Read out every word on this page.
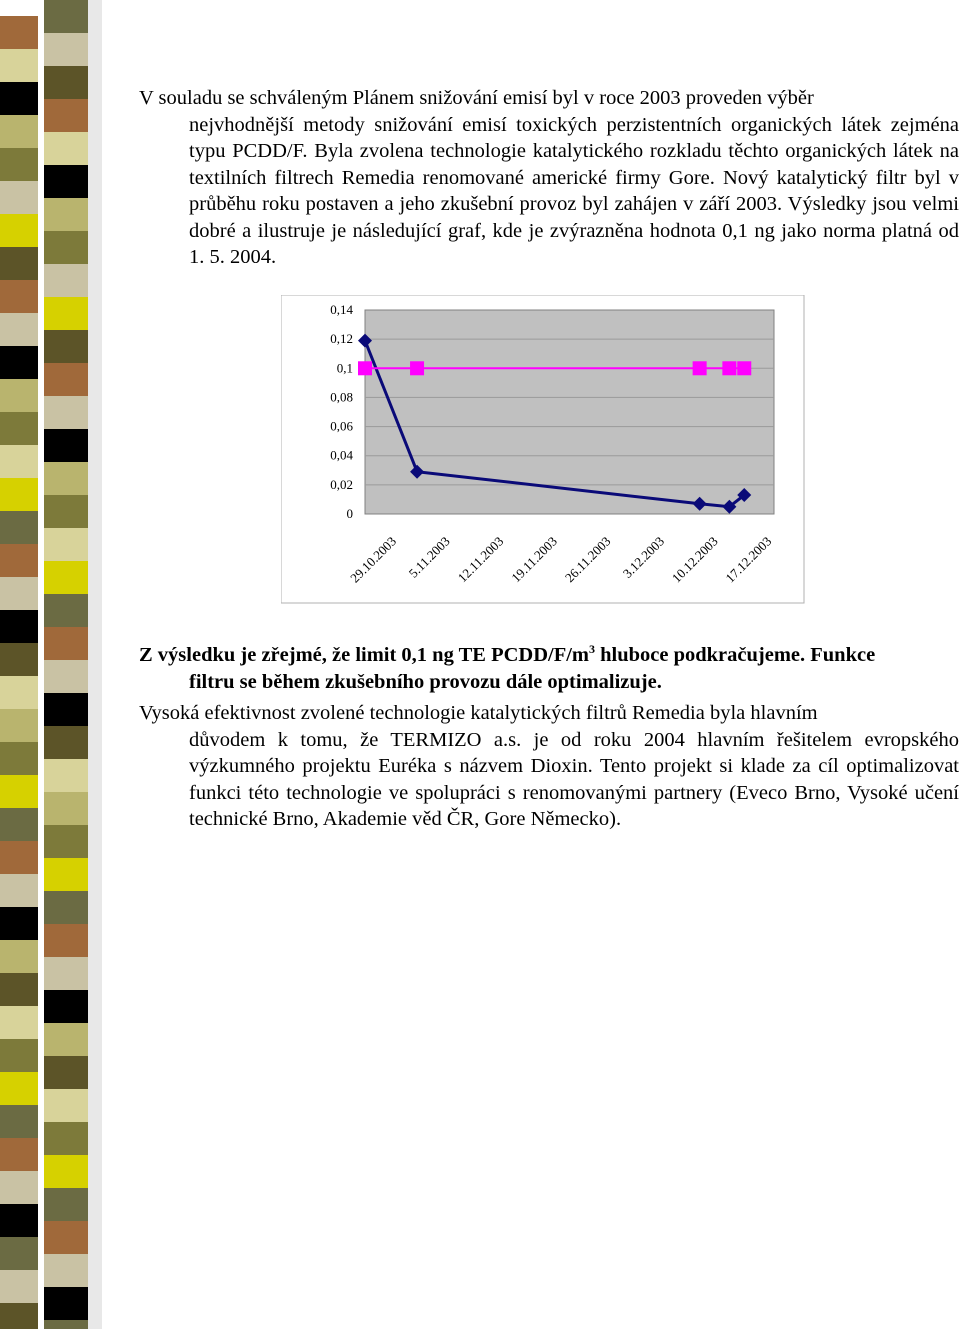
V souladu se schváleným Plánem snižování emisí byl v roce 2003 proveden výběr
nejvhodnější metody snižování emisí toxických perzistentních organických látek zejména typu PCDD/F. Byla zvolena technologie katalytického rozkladu těchto organických látek na textilních filtrech Remedia renomované americké firmy Gore. Nový katalytický filtr byl v průběhu roku postaven a jeho zkušební provoz byl zahájen v září 2003. Výsledky jsou velmi dobré a ilustruje je následující graf, kde je zvýrazněna hodnota 0,1 ng jako norma platná od 1. 5. 2004.
0,14
0,12
0,1
0,08
0,06
0,04
0,02
0
29.10.2003 5.11.2003 12.11.2003 19.11.2003 26.11.2003 3.12.2003 10.12.2003 17.12.2003
Z výsledku je zřejmé, že limit 0,1 ng TE PCDD/$F/m^3$ hluboce podkračujeme. Funkce
filtru se během zkušebního provozu dále optimalizuje.
Vysoká efektivnost zvolené technologie katalytických filtrů Remedia byla hlavním
důvodem k tomu, že TERMIZO a.s. je od roku 2004 hlavním řešitelem evropského výzkumného projektu Euréka s názvem Dioxin. Tento projekt si klade za cíl optimalizovat funkci této technologie ve spolupráci s renomovanými partnery (Eveco Brno, Vysoké učení technické Brno, Akademie věd ČR, Gore Německo).
